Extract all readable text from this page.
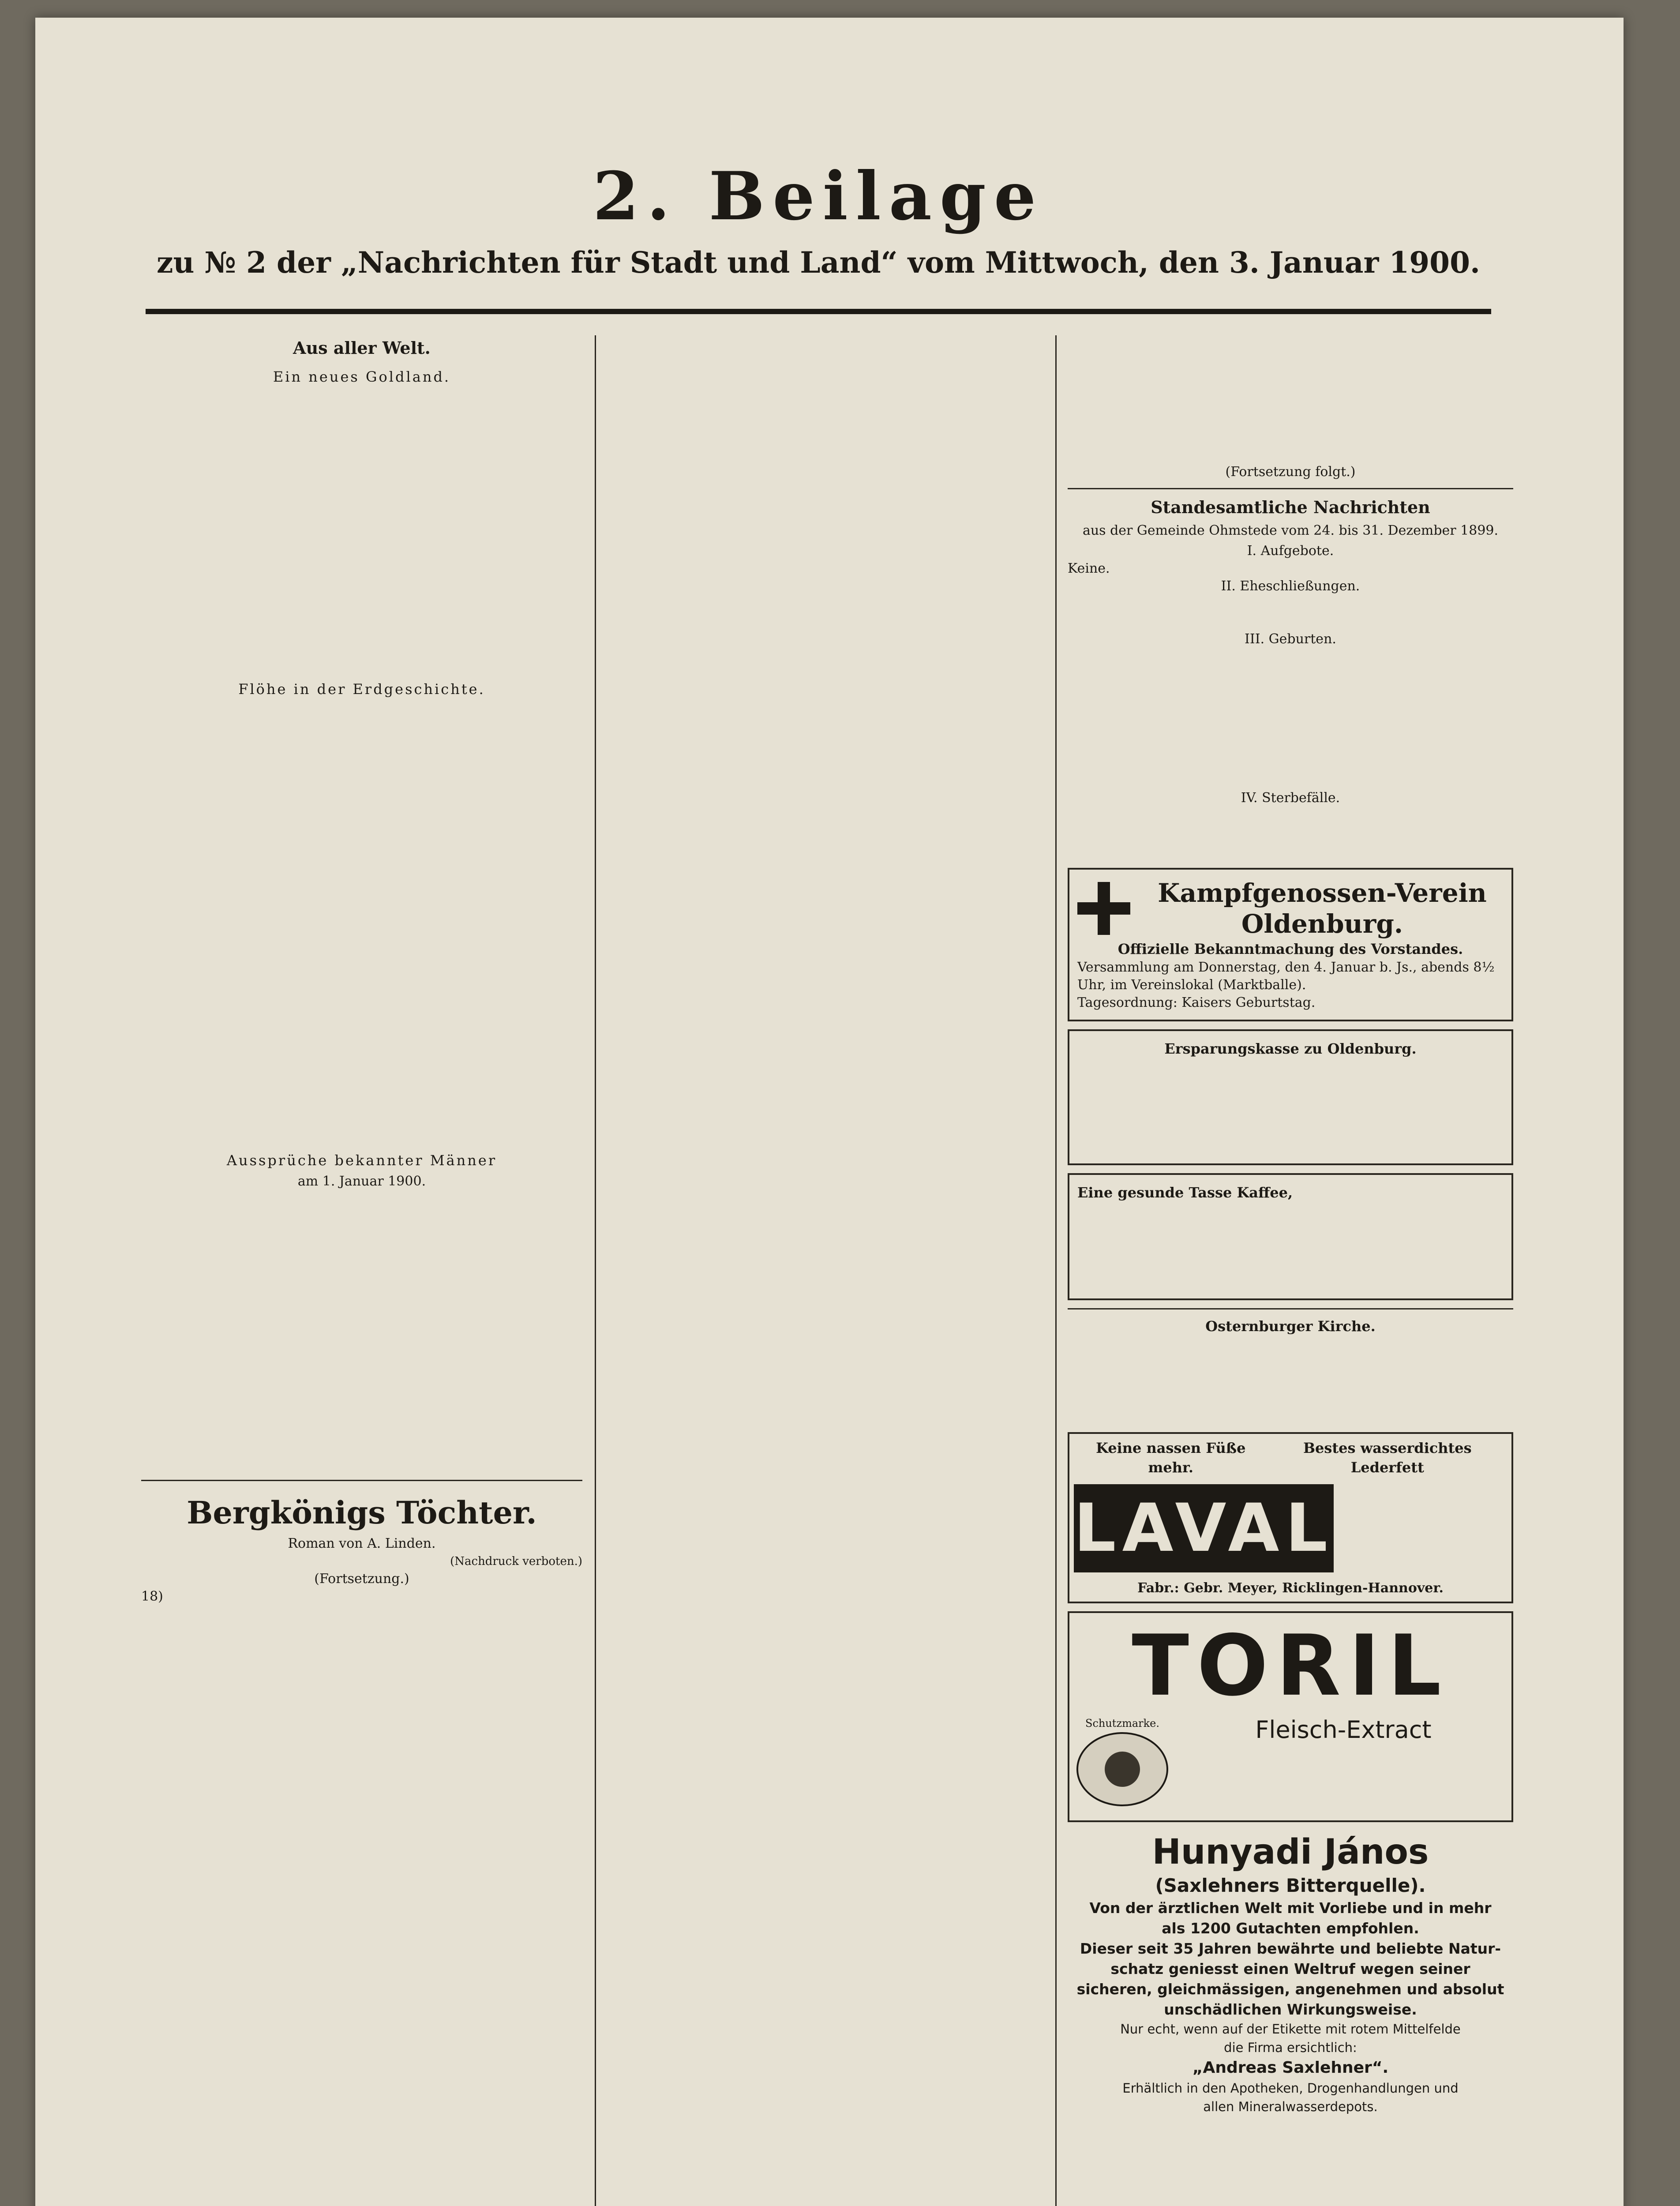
2. Beilage
zu № 2 der „Nachrichten für Stadt und Land“ vom Mittwoch, den 3. Januar 1900.
Aus aller Welt.
Ein neues Goldland.
Flöhe in der Erdgeschichte.
Aussprüche bekannter Männer
am 1. Januar 1900.
Bergkönigs Töchter.
Roman von A. Linden.
(Nachdruck verboten.)
(Fortsetzung.)
18)
(Fortsetzung folgt.)
Standesamtliche Nachrichten
aus der Gemeinde Ohmstede vom 24. bis 31. Dezember 1899.
I. Aufgebote.
Keine.
II. Eheschließungen.
III. Geburten.
IV. Sterbefälle.
Kampfgenossen-Verein
Oldenburg.
Offizielle Bekanntmachung des Vorstandes.
Versammlung am Donnerstag, den 4. Januar b. Js., abends 8½ Uhr, im Vereinslokal (Marktballe).
Tagesordnung: Kaisers Geburtstag.
Ersparungskasse zu Oldenburg.
Eine gesunde Tasse Kaffee,
Osternburger Kirche.
Keine nassen Füße mehr.
Bestes wasserdichtes Lederfett
LAVAL
Fabr.: Gebr. Meyer, Ricklingen-Hannover.
TORIL
Schutzmarke.	Fleisch-Extract
Hunyadi János
(Saxlehners Bitterquelle).
Von der ärztlichen Welt mit Vorliebe und in mehr
als 1200 Gutachten empfohlen.
Dieser seit 35 Jahren bewährte und beliebte Natur-
schatz geniesst einen Weltruf wegen seiner
sicheren, gleichmässigen, angenehmen und absolut
unschädlichen Wirkungsweise.
Nur echt, wenn auf der Etikette mit rotem Mittelfelde
die Firma ersichtlich:
„Andreas Saxlehner“.
Erhältlich in den Apotheken, Drogenhandlungen und
allen Mineralwasserdepots.
